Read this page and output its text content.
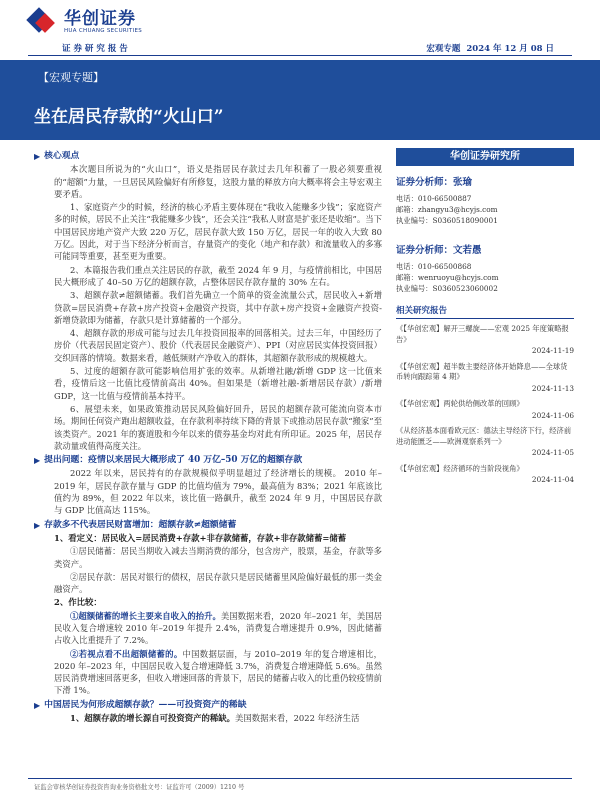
华创证券
HUA CHUANG SECURITIES
证 券 研 究 报 告	宏观专题 2024 年 12 月 08 日
【宏观专题】
坐在居民存款的“火山口”
▶ 核心观点

本次题目所说为的“火山口”，语义是指居民存款过去几年积蓄了一股必须要重视的“超额”力量，一旦居民风险偏好有所修复，这股力量的释放方向大概率将会主导宏观主要矛盾。

1、家庭资产少的时候，经济的核心矛盾主要体现在“我收入能赚多少钱”；家庭资产多的时候，居民不止关注“我能赚多少钱”，还会关注“我私人财富是扩张还是收缩”。当下中国居民房地产资产大致 220 万亿，居民存款大致 150 万亿，居民一年的收入大致 80 万亿。因此，对于当下经济分析而言，存量资产的变化（地产和存款）和流量收入的多寡可能同等重要，甚至更为重要。

2、本篇报告我们重点关注居民的存款，截至 2024 年 9 月，与疫情前相比，中国居民大概形成了 40–50 万亿的超额存款，占整体居民存款存量的 30% 左右。

3、超额存款≠超额储蓄。我们首先确立一个简单的资金流量公式，居民收入+新增贷款=居民消费+存款+房产投资+金融资产投资，其中存款+房产投资+金融资产投资-新增贷款即为储蓄，存款只是计算储蓄的一个部分。

4、超额存款的形成可能与过去几年投资回报率的回落相关。过去三年，中国经历了房价（代表居民固定资产）、股价（代表居民金融资产）、PPI（对应居民实体投资回报）交织回落的情境。数据来看，越低频财产净收入的群体，其超额存款形成的规模越大。

5、过度的超额存款可能影响信用扩张的效率。从新增社融/新增 GDP 这一比值来看，疫情后这一比值比疫情前高出 40%。但如果是（新增社融-新增居民存款）/新增 GDP，这一比值与疫情前基本持平。

6、展望未来，如果政策推动居民风险偏好回升，居民的超额存款可能流向资本市场。期间任何资产跑出超额收益，在存款利率持续下降的背景下或推动居民存款“搬家”至该类资产。2021 年的赛道股和今年以来的债券基金均对此有所印证。2025 年，居民存款动量或值得高度关注。

▶ 提出问题：疫情以来居民大概形成了 40 万亿–50 万亿的超额存款

2022 年以来，居民持有的存款规模似乎明显超过了经济增长的规模。 2010 年–2019 年，居民存款存量与 GDP 的比值均值为 79%，最高值为 83%；2021 年底该比值约为 89%，但 2022 年以来，该比值一路飙升，截至 2024 年 9 月，中国居民存款与 GDP 比值高达 115%。

▶ 存款多不代表居民财富增加：超额存款≠超额储蓄

1、看定义：居民收入=居民消费+存款+非存款储蓄，存款+非存款储蓄=储蓄

①居民储蓄：居民当期收入减去当期消费的部分，包含房产，股票，基金，存款等多类资产。

②居民存款：居民对银行的债权，居民存款只是居民储蓄里风险偏好最低的那一类金融资产。

2、作比较：

①超额储蓄的增长主要来自收入的抬升。美国数据来看，2020 年–2021 年，美国居民收入复合增速较 2010 年–2019 年提升 2.4%，消费复合增速提升 0.9%，因此储蓄占收入比重提升了 7.2%。

②若视点看不出超额储蓄的。中国数据层面，与 2010–2019 年的复合增速相比，2020 年–2023 年，中国居民收入复合增速降低 3.7%，消费复合增速降低 5.6%。虽然居民消费增速回落更多，但收入增速回落的背景下，居民的储蓄占收入的比重仍较疫情前下滑 1%。

▶ 中国居民为何形成超额存款？——可投资资产的稀缺

1、超额存款的增长源自可投资资产的稀缺。美国数据来看，2022 年经济生活

华创证券研究所
证券分析师：张瑜
电话：010-66500887
邮箱：zhangyu3@hcyjs.com
执业编号：S0360518090001
证券分析师：文若愚
电话：010-66500868
邮箱：wenruoyu@hcyjs.com
执业编号：S0360523060002
相关研究报告
《【华创宏观】解开三螺旋——宏观 2025 年度策略报告》
2024-11-19
《【华创宏观】超半数主要经济体开始降息——全球货币转向跟踪第 4 期》
2024-11-13
《【华创宏观】两轮供给侧改革的回顾》
2024-11-06
《从经济基本面看欧元区：德法主导经济下行，经济前进动能匮乏——欧洲观察系列一》
2024-11-05
《【华创宏观】经济循环的当阶段视角》
2024-11-04
证监会审核华创证券投资咨询业务资格批文号：证监许可（2009）1210 号
